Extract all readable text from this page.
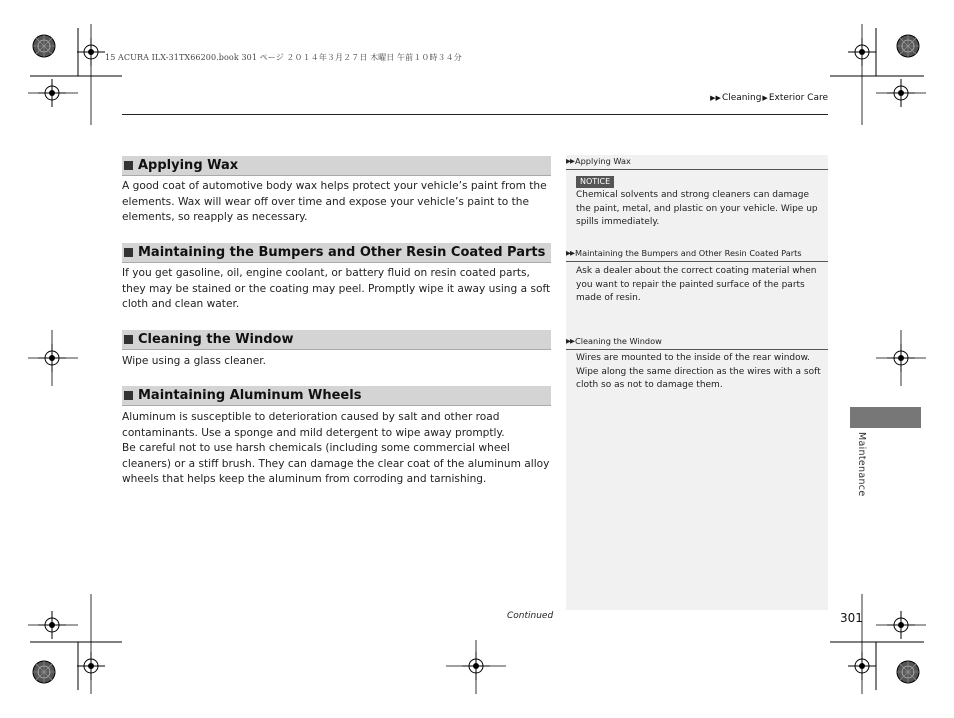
15 ACURA ILX-31TX66200.book 301 ページ ２０１４年３月２７日 木曜日 午前１０時３４分
▶▶ Cleaning ▶ Exterior Care
Applying Wax

A good coat of automotive body wax helps protect your vehicle’s paint from the elements. Wax will wear off over time and expose your vehicle’s paint to the elements, so reapply as necessary.

Maintaining the Bumpers and Other Resin Coated Parts

If you get gasoline, oil, engine coolant, or battery fluid on resin coated parts, they may be stained or the coating may peel. Promptly wipe it away using a soft cloth and clean water.

Cleaning the Window

Wipe using a glass cleaner.

Maintaining Aluminum Wheels

Aluminum is susceptible to deterioration caused by salt and other road contaminants. Use a sponge and mild detergent to wipe away promptly.

Be careful not to use harsh chemicals (including some commercial wheel cleaners) or a stiff brush. They can damage the clear coat of the aluminum alloy wheels that helps keep the aluminum from corroding and tarnishing.

▶▶ Applying Wax
NOTICE
Chemical solvents and strong cleaners can damage the paint, metal, and plastic on your vehicle. Wipe up spills immediately.
▶▶ Maintaining the Bumpers and Other Resin Coated Parts
Ask a dealer about the correct coating material when you want to repair the painted surface of the parts made of resin.
▶▶ Cleaning the Window
Wires are mounted to the inside of the rear window. Wipe along the same direction as the wires with a soft cloth so as not to damage them.
Continued	301
Maintenance
